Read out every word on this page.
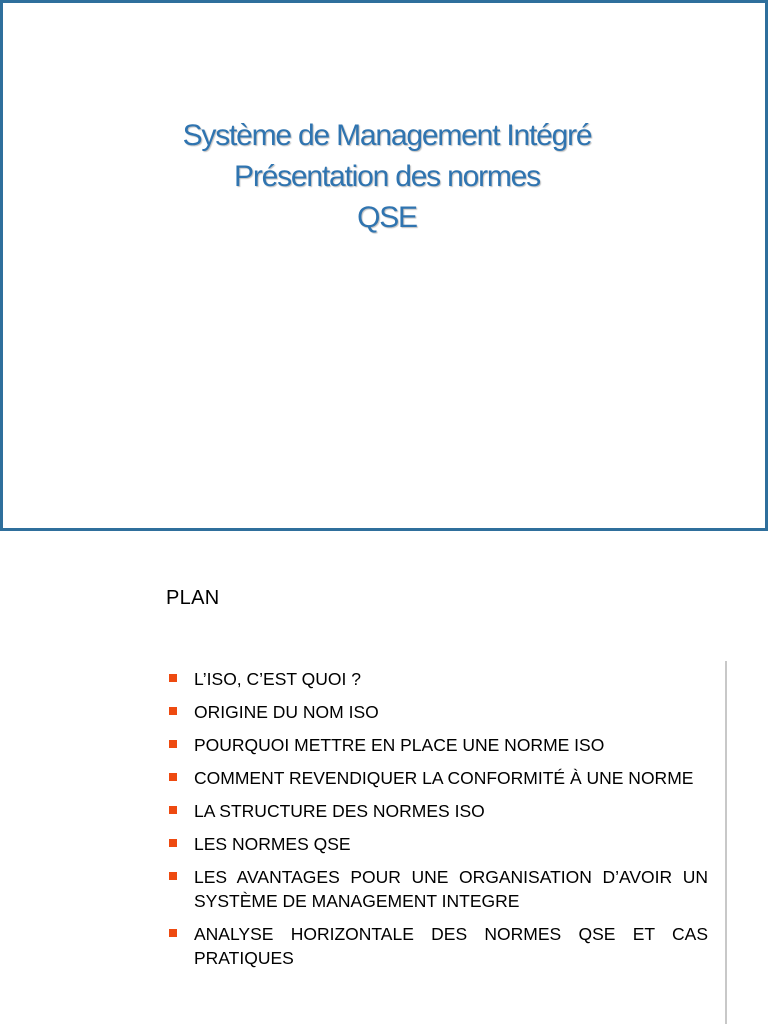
Système de Management Intégré
Présentation des normes
QSE
PLAN
L’ISO, C’EST QUOI ?
ORIGINE DU NOM ISO
POURQUOI METTRE EN PLACE UNE NORME ISO
COMMENT REVENDIQUER LA CONFORMITÉ À UNE NORME
LA STRUCTURE DES NORMES ISO
LES NORMES QSE
LES AVANTAGES POUR UNE ORGANISATION D’AVOIR UN SYSTÈME DE MANAGEMENT INTEGRE
ANALYSE HORIZONTALE DES NORMES QSE ET CAS PRATIQUES
